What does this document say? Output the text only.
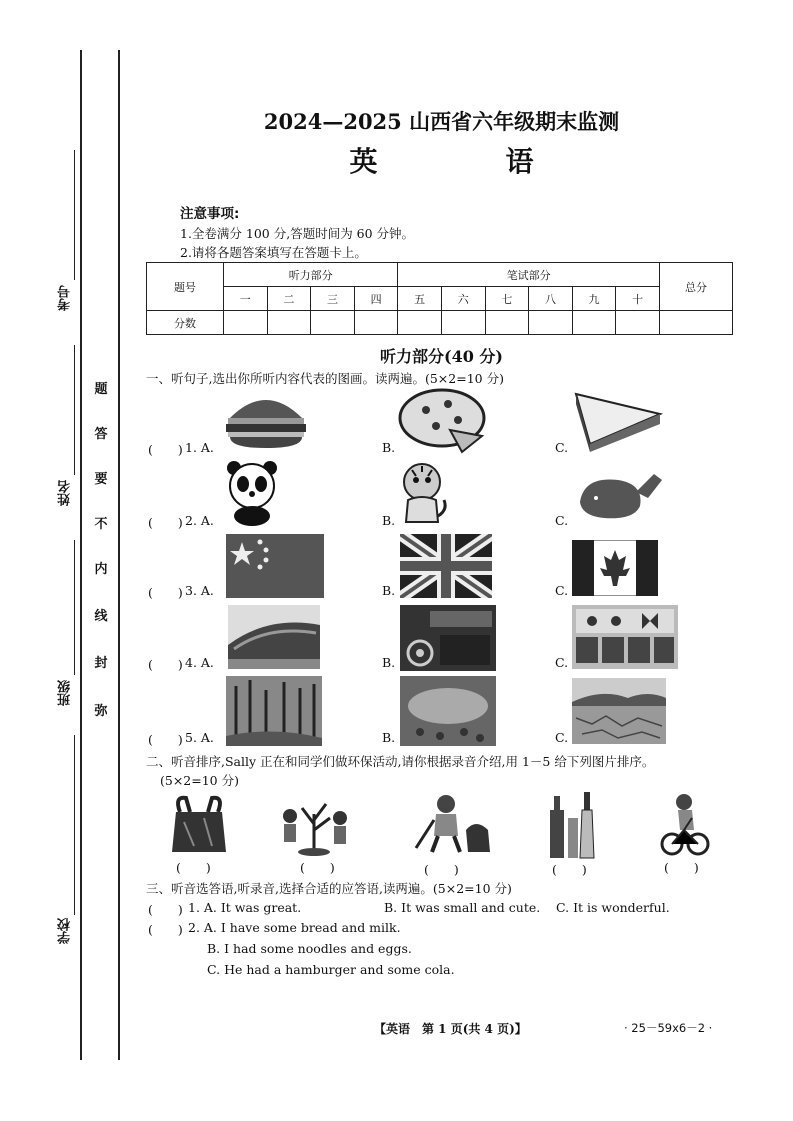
考号
姓名
班级
学校
题
答
要
不
内
线
封
弥
2024—2025 山西省六年级期末监测
英　语
注意事项:
1.全卷满分 100 分,答题时间为 60 分钟。
2.请将各题答案填写在答题卡上。
题号	听力部分				笔试部分						总分
	一	二	三	四	五	六	七	八	九	十	
分数											
听力部分(40 分)
一、听句子,选出你所听内容代表的图画。读两遍。(5×2=10 分)
(　　) 1. A.	B.	C.
(　　) 2. A.	B.	C.
(　　) 3. A.	B.	C.
(　　) 4. A.	B.	C.
(　　) 5. A.	B.	C.
二、听音排序,Sally 正在和同学们做环保活动,请你根据录音介绍,用 1－5 给下列图片排序。
(5×2=10 分)
(　　)	(　　)	(　　)	(　　)	(　　)
三、听音选答语,听录音,选择合适的应答语,读两遍。(5×2=10 分)
(　　) 1. A. It was great.	B. It was small and cute. C. It is wonderful.
(　　) 2. A. I have some bread and milk.
B. I had some noodles and eggs.
C. He had a hamburger and some cola.
【英语　第 1 页(共 4 页)】	· 25－59x6－2 ·
